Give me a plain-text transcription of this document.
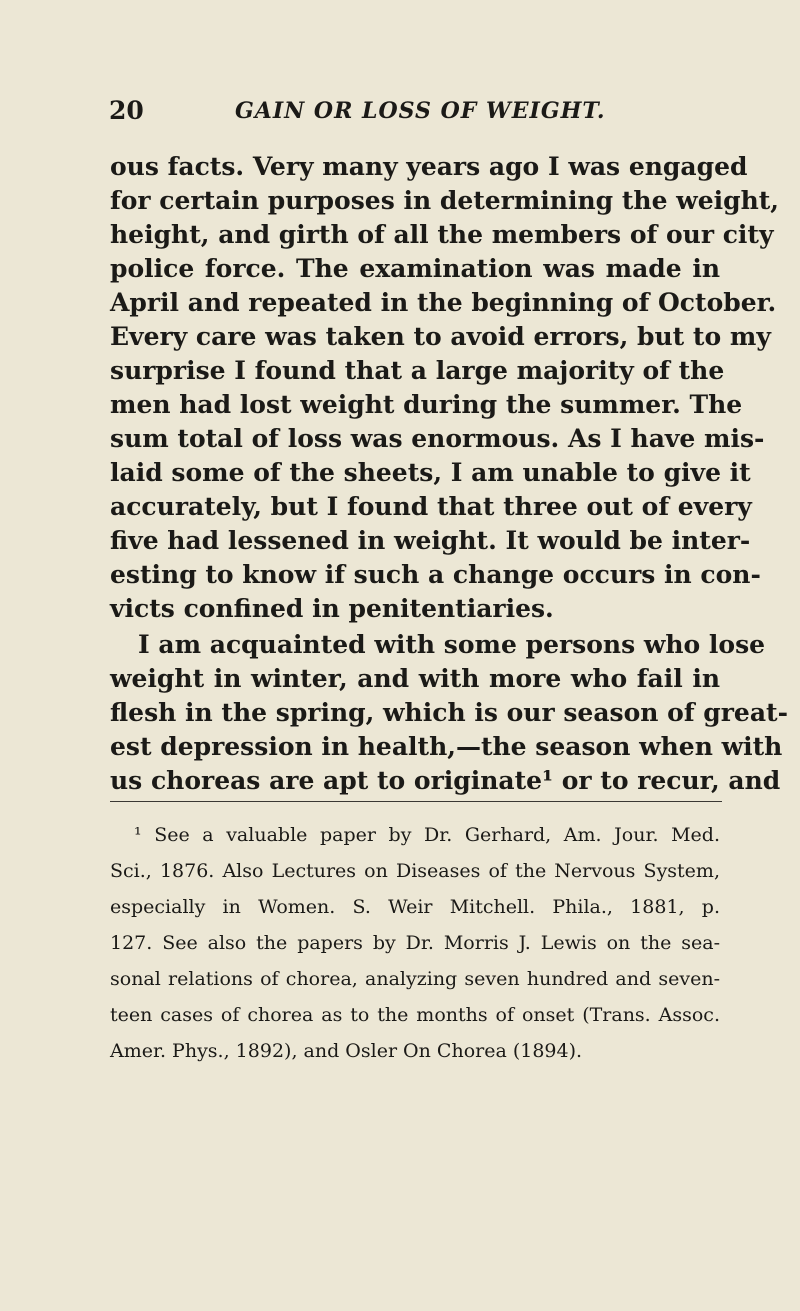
20	GAIN OR LOSS OF WEIGHT.
ous facts. Very many years ago I was engaged
for certain purposes in determining the weight,
height, and girth of all the members of our city
police force. The examination was made in
April and repeated in the beginning of October.
Every care was taken to avoid errors, but to my
surprise I found that a large majority of the
men had lost weight during the summer. The
sum total of loss was enormous. As I have mis-
laid some of the sheets, I am unable to give it
accurately, but I found that three out of every
five had lessened in weight. It would be inter-
esting to know if such a change occurs in con-
victs confined in penitentiaries.
I am acquainted with some persons who lose
weight in winter, and with more who fail in
flesh in the spring, which is our season of great-
est depression in health,—the season when with
us choreas are apt to originate¹ or to recur, and
¹ See a valuable paper by Dr. Gerhard, Am. Jour. Med.
Sci., 1876. Also Lectures on Diseases of the Nervous System,
especially in Women. S. Weir Mitchell. Phila., 1881, p.
127. See also the papers by Dr. Morris J. Lewis on the sea-
sonal relations of chorea, analyzing seven hundred and seven-
teen cases of chorea as to the months of onset (Trans. Assoc.
Amer. Phys., 1892), and Osler On Chorea (1894).
